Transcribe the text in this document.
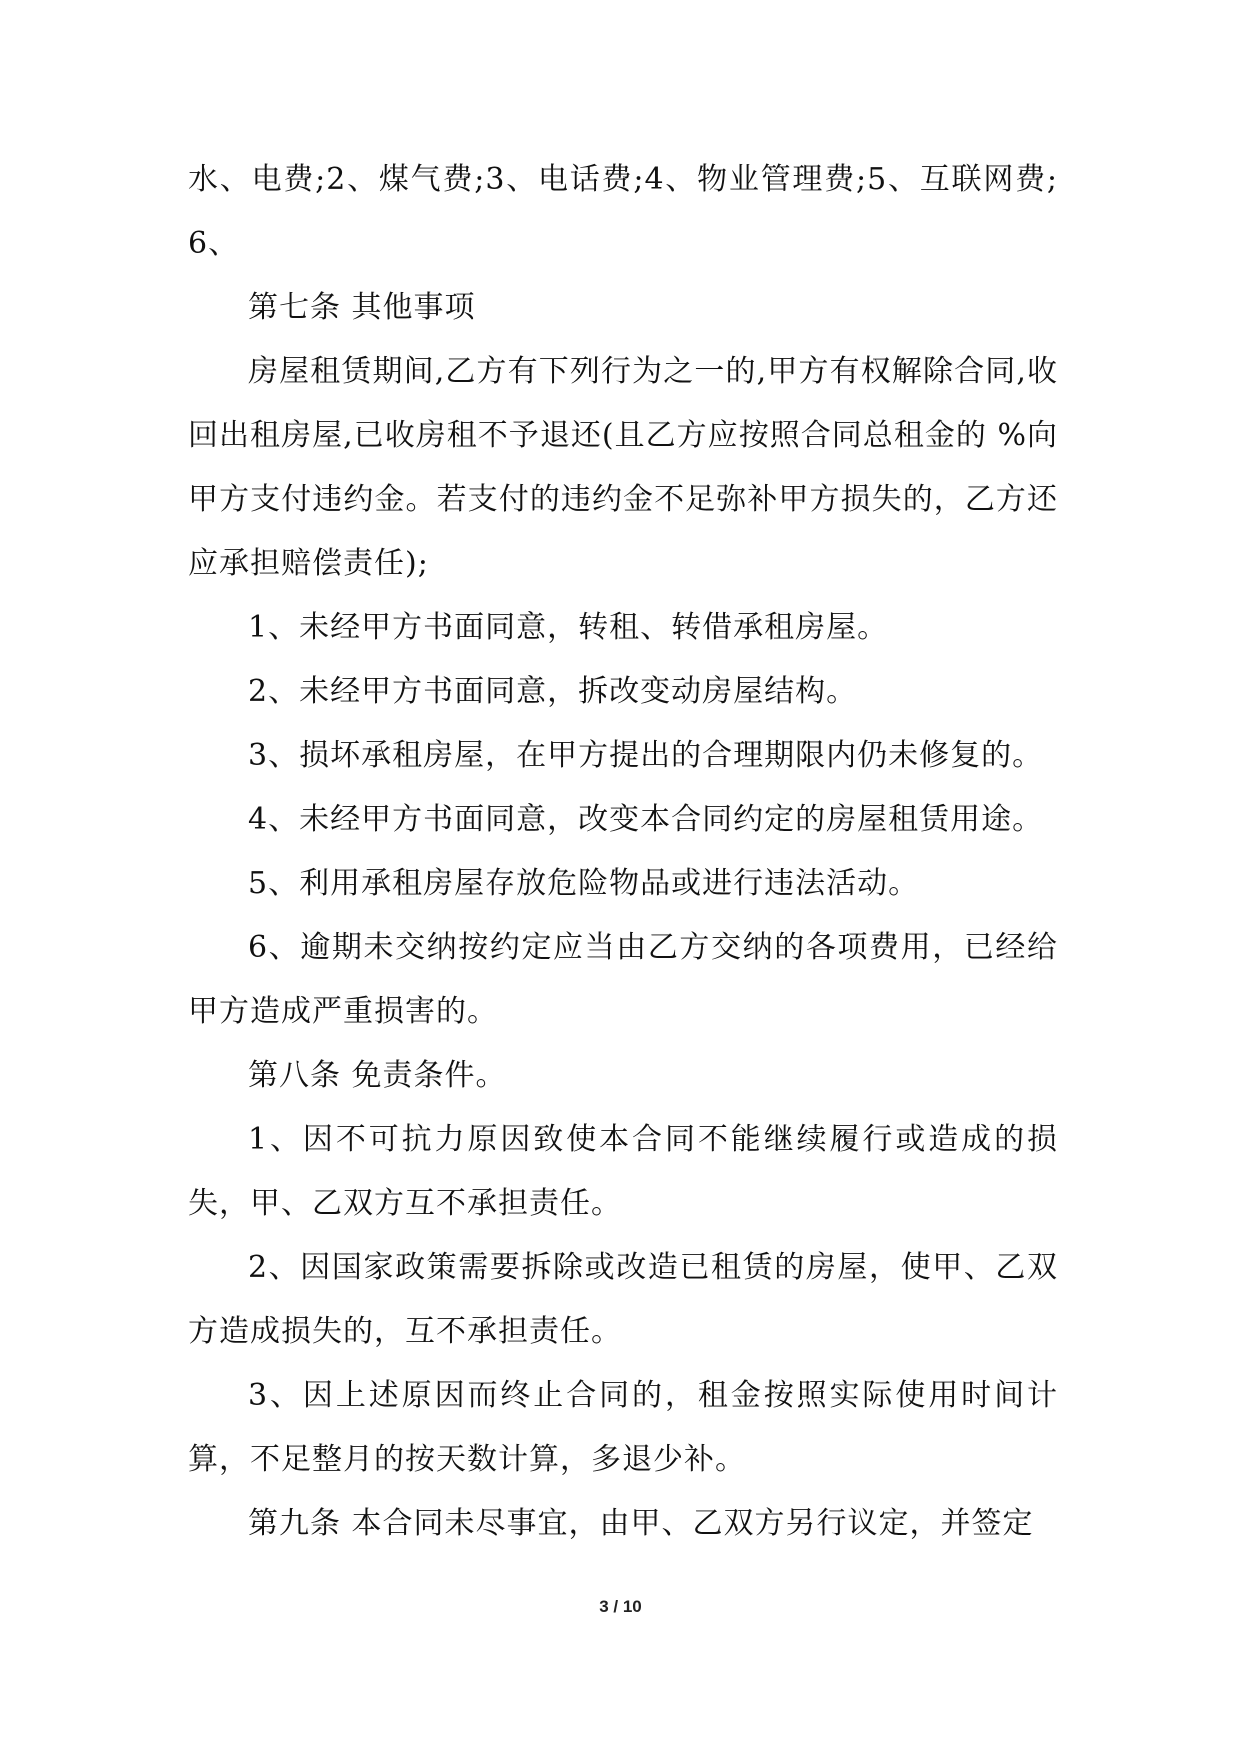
水、电费;2、煤气费;3、电话费;4、物业管理费;5、互联网费;6、

第七条 其他事项

房屋租赁期间,乙方有下列行为之一的,甲方有权解除合同,收回出租房屋,已收房租不予退还(且乙方应按照合同总租金的 %向甲方支付违约金。若支付的违约金不足弥补甲方损失的，乙方还应承担赔偿责任);

1、未经甲方书面同意，转租、转借承租房屋。

2、未经甲方书面同意，拆改变动房屋结构。

3、损坏承租房屋，在甲方提出的合理期限内仍未修复的。

4、未经甲方书面同意，改变本合同约定的房屋租赁用途。

5、利用承租房屋存放危险物品或进行违法活动。

6、逾期未交纳按约定应当由乙方交纳的各项费用，已经给甲方造成严重损害的。

第八条 免责条件。

1、因不可抗力原因致使本合同不能继续履行或造成的损失，甲、乙双方互不承担责任。

2、因国家政策需要拆除或改造已租赁的房屋，使甲、乙双方造成损失的，互不承担责任。

3、因上述原因而终止合同的，租金按照实际使用时间计算，不足整月的按天数计算，多退少补。

第九条 本合同未尽事宜，由甲、乙双方另行议定，并签定

3 / 10
